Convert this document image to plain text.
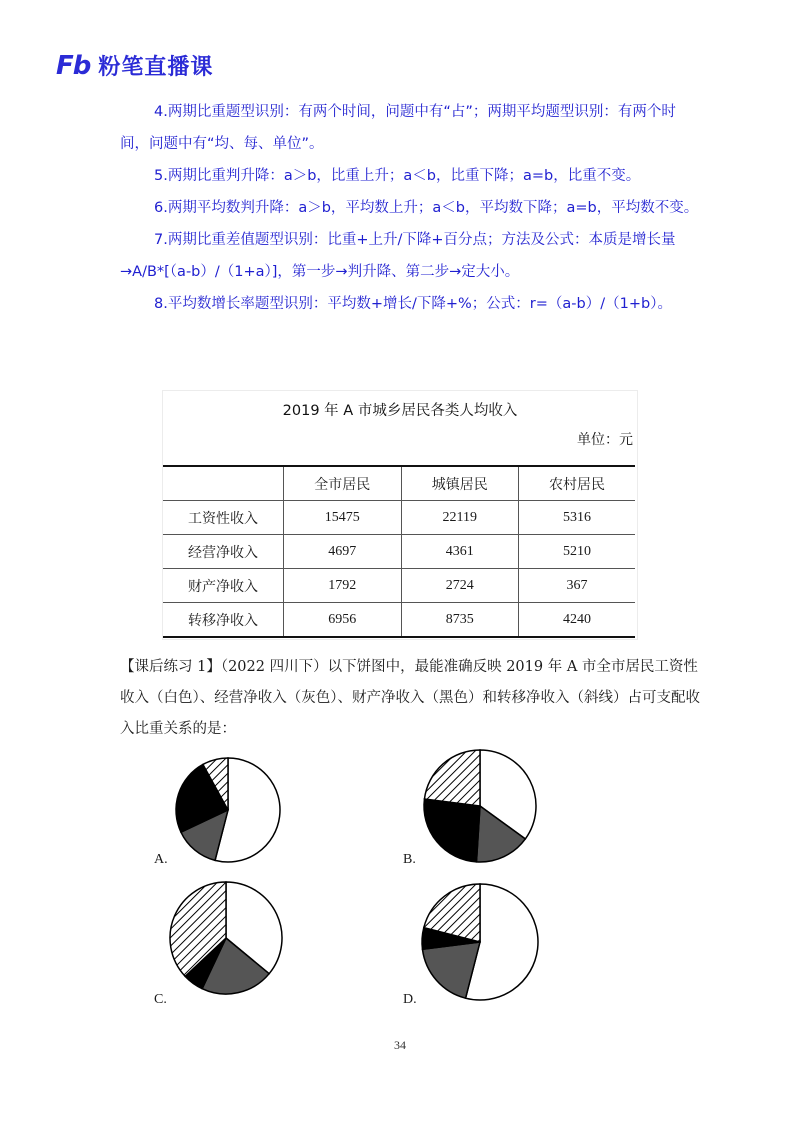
Fb 粉笔直播课

4.两期比重题型识别：有两个时间，问题中有“占”；两期平均题型识别：有两个时间，问题中有“均、每、单位”。

5.两期比重判升降：a＞b，比重上升；a＜b，比重下降；a=b，比重不变。

6.两期平均数判升降：a＞b，平均数上升；a＜b，平均数下降；a=b，平均数不变。

7.两期比重差值题型识别：比重+上升/下降+百分点；方法及公式：本质是增长量→A/B*[（a-b）/（1+a）]，第一步→判升降、第二步→定大小。

8.平均数增长率题型识别：平均数+增长/下降+%；公式：r=（a-b）/（1+b）。

2019 年 A 市城乡居民各类人均收入
单位：元
	全市居民	城镇居民	农村居民
工资性收入	15475	22119	5316
经营净收入	4697	4361	5210
财产净收入	1792	2724	367
转移净收入	6956	8735	4240

【课后练习 1】（2022 四川下）以下饼图中，最能准确反映 2019 年 A 市全市居民工资性收入（白色）、经营净收入（灰色）、财产净收入（黑色）和转移净收入（斜线）占可支配收入比重关系的是：

A.	B.
C.	D.
34
